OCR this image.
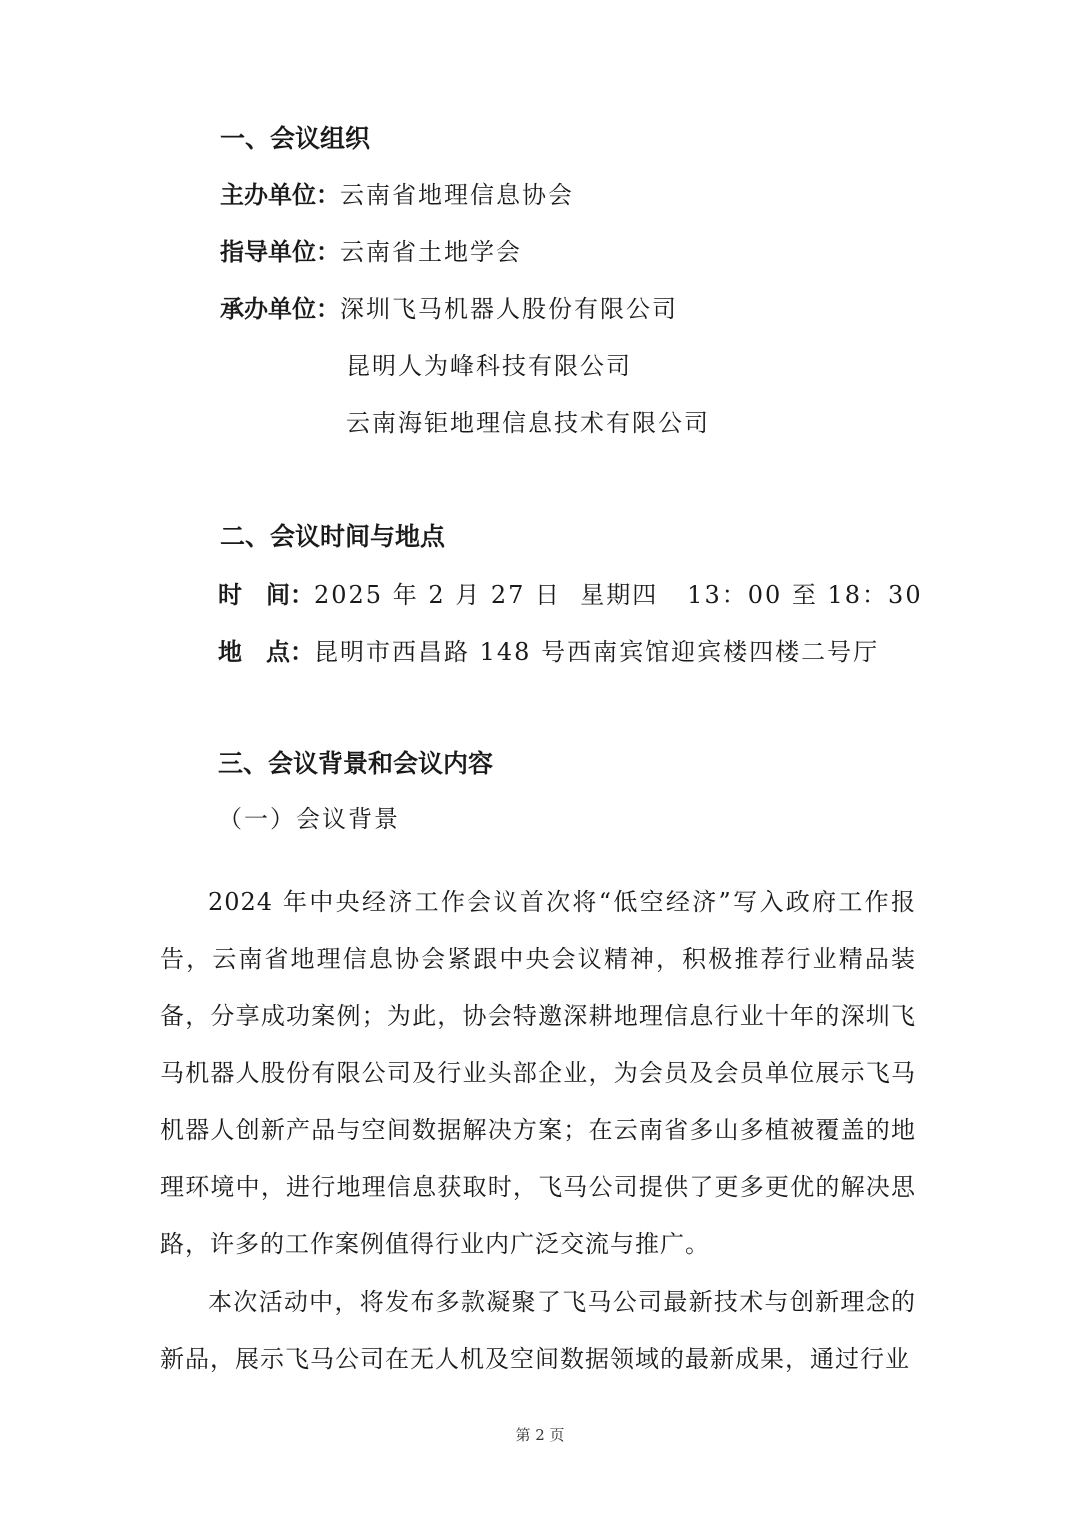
一、会议组织
主办单位：云南省地理信息协会
指导单位：云南省土地学会
承办单位：深圳飞马机器人股份有限公司
昆明人为峰科技有限公司
云南海钜地理信息技术有限公司
二、会议时间与地点
时　间：2025 年 2 月 27 日  星期四   13：00 至 18：30
地　点：昆明市西昌路 148 号西南宾馆迎宾楼四楼二号厅
三、会议背景和会议内容
（一）会议背景

2024 年中央经济工作会议首次将“低空经济”写入政府工作报告，云南省地理信息协会紧跟中央会议精神，积极推荐行业精品装备，分享成功案例；为此，协会特邀深耕地理信息行业十年的深圳飞马机器人股份有限公司及行业头部企业，为会员及会员单位展示飞马机器人创新产品与空间数据解决方案；在云南省多山多植被覆盖的地理环境中，进行地理信息获取时，飞马公司提供了更多更优的解决思路，许多的工作案例值得行业内广泛交流与推广。

本次活动中，将发布多款凝聚了飞马公司最新技术与创新理念的新品，展示飞马公司在无人机及空间数据领域的最新成果，通过行业

第 2 页
